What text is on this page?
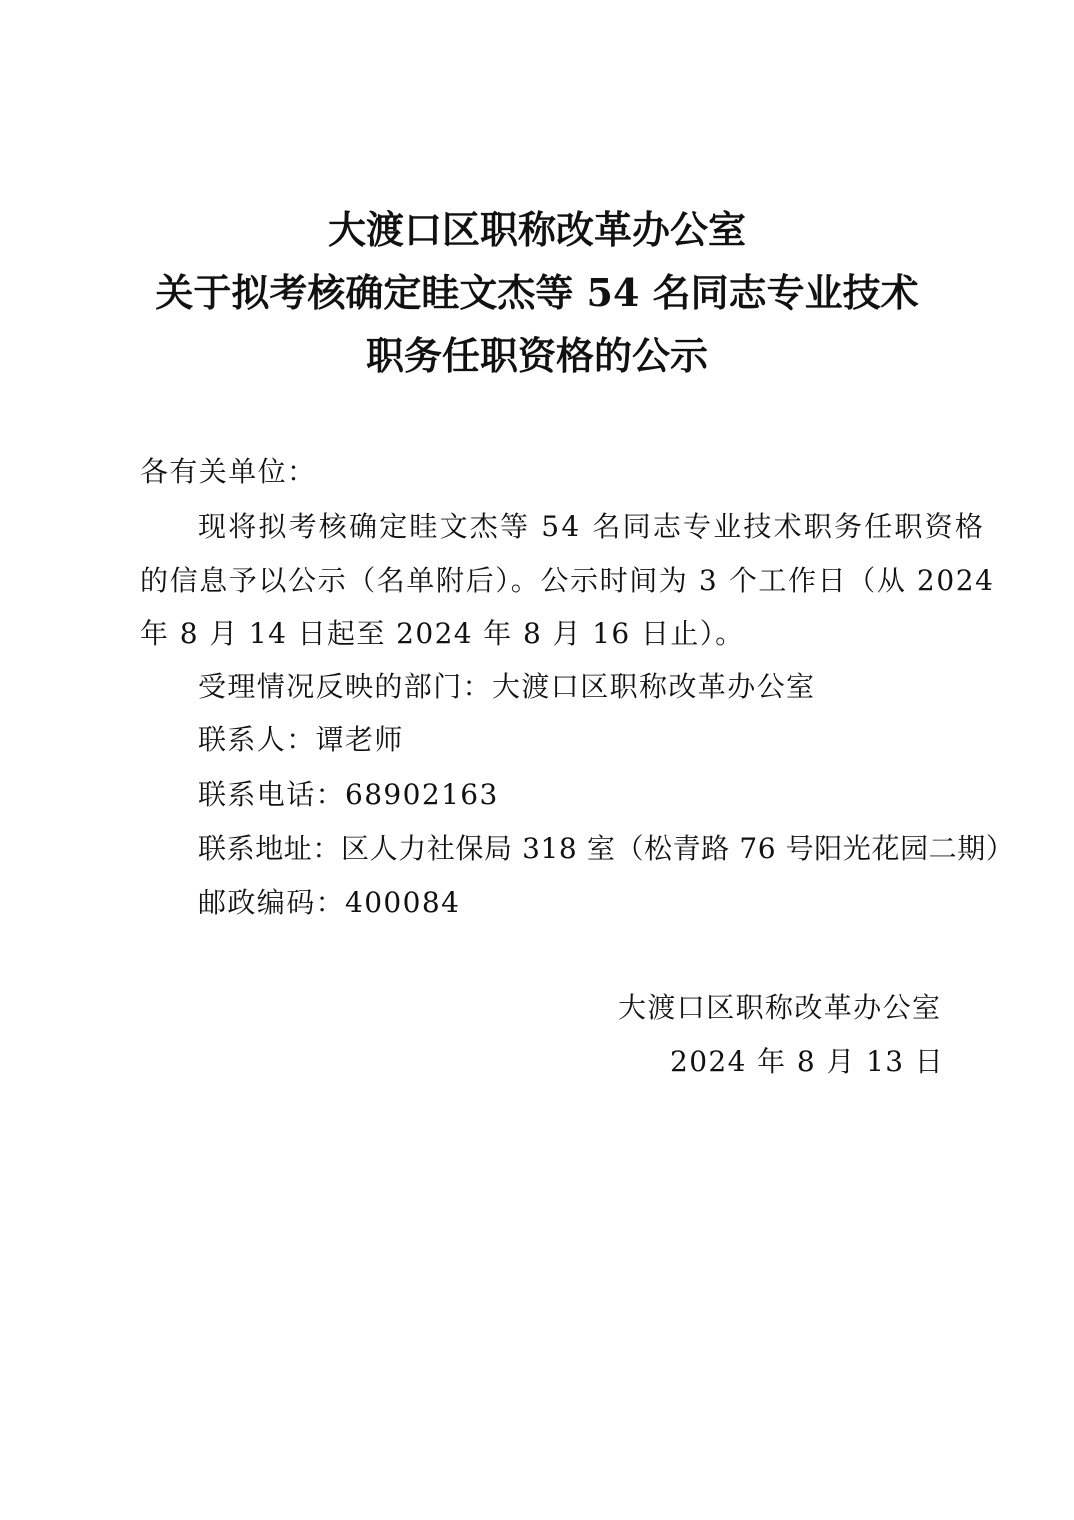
大渡口区职称改革办公室
关于拟考核确定眭文杰等 54 名同志专业技术
职务任职资格的公示
各有关单位：
现将拟考核确定眭文杰等 54 名同志专业技术职务任职资格
的信息予以公示（名单附后）。公示时间为 3 个工作日（从 2024
年 8 月 14 日起至 2024 年 8 月 16 日止）。
受理情况反映的部门：大渡口区职称改革办公室
联系人：谭老师
联系电话：68902163
联系地址：区人力社保局 318 室（松青路 76 号阳光花园二期）
邮政编码：400084
大渡口区职称改革办公室
2024 年 8 月 13 日
